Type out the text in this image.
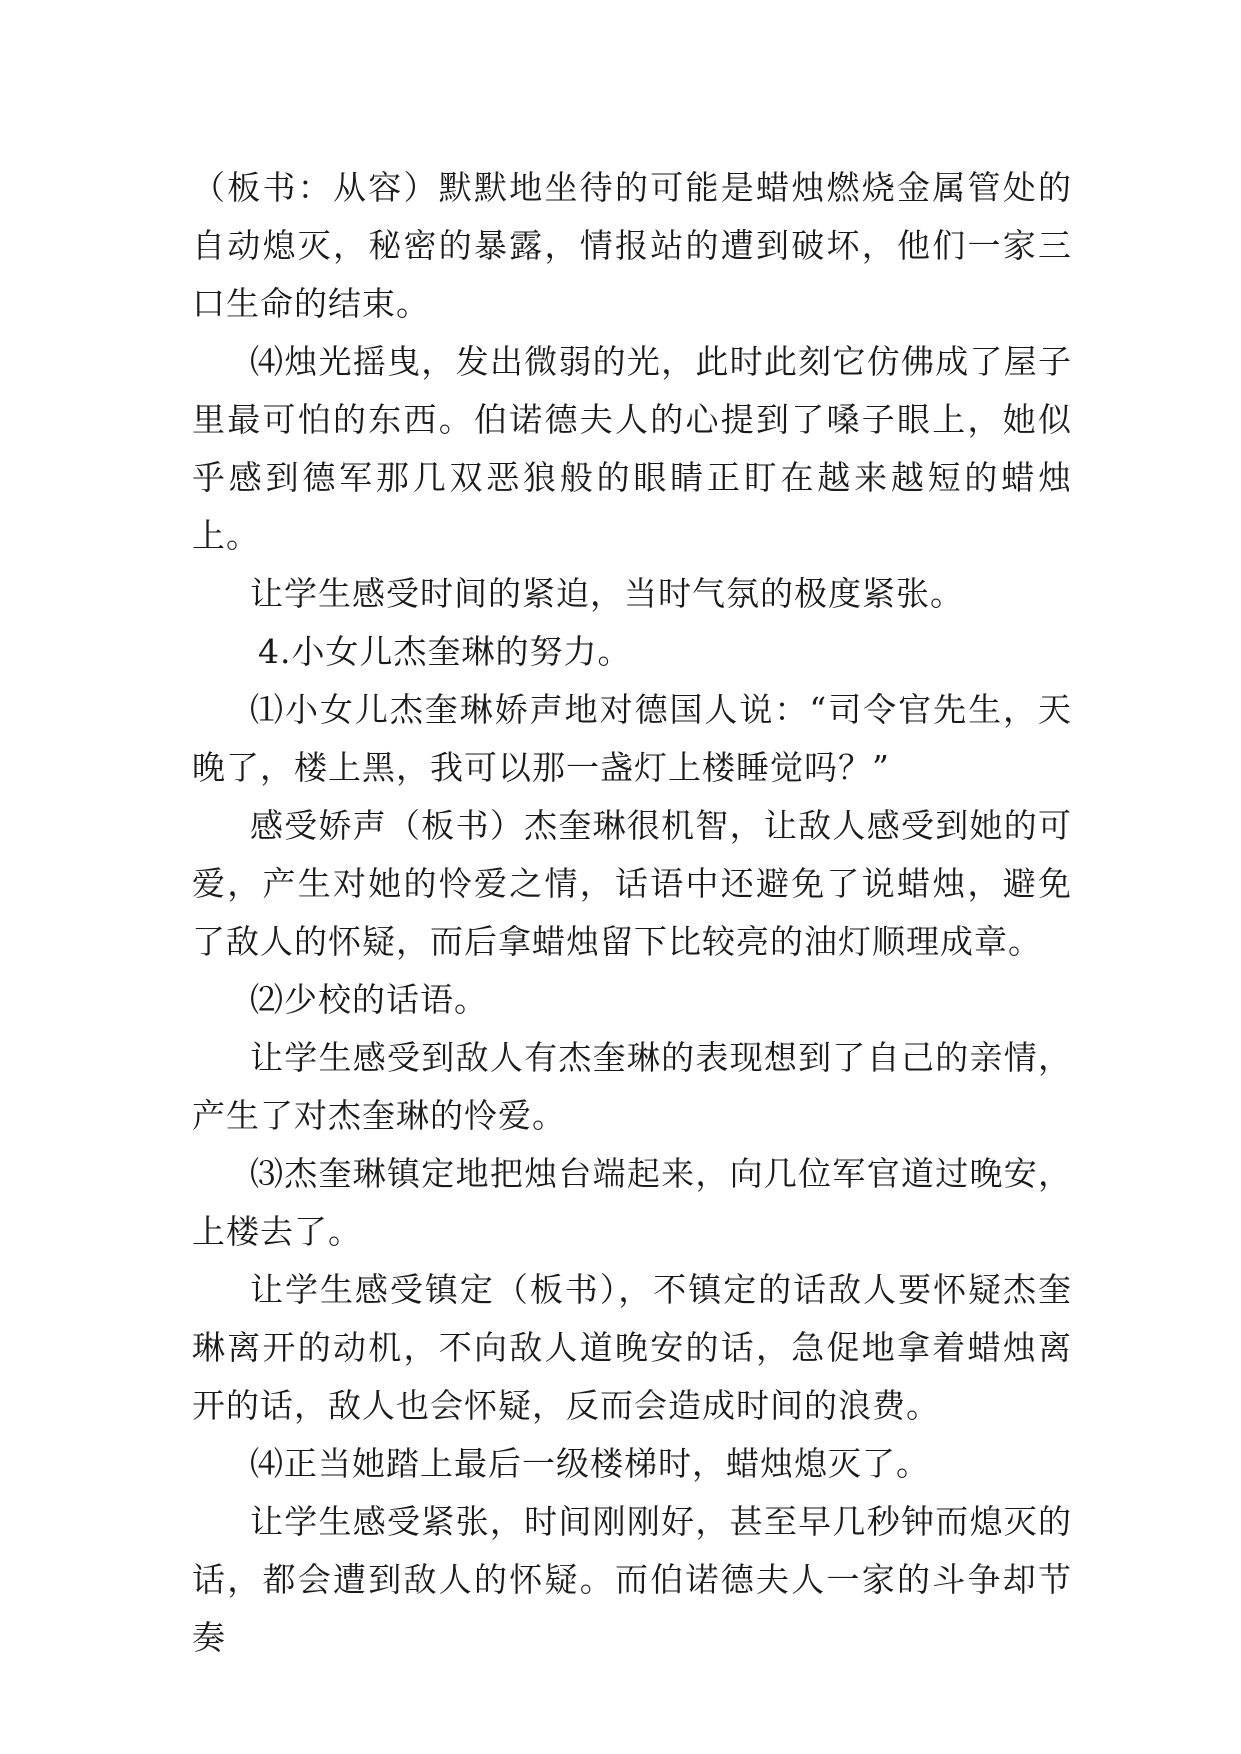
（板书：从容）默默地坐待的可能是蜡烛燃烧金属管处的自动熄灭，秘密的暴露，情报站的遭到破坏，他们一家三口生命的结束。

⑷烛光摇曳，发出微弱的光，此时此刻它仿佛成了屋子里最可怕的东西。伯诺德夫人的心提到了嗓子眼上，她似乎感到德军那几双恶狼般的眼睛正盯在越来越短的蜡烛上。

让学生感受时间的紧迫，当时气氛的极度紧张。

4.小女儿杰奎琳的努力。

⑴小女儿杰奎琳娇声地对德国人说：“司令官先生，天晚了，楼上黑，我可以那一盏灯上楼睡觉吗？”

感受娇声（板书）杰奎琳很机智，让敌人感受到她的可爱，产生对她的怜爱之情，话语中还避免了说蜡烛，避免了敌人的怀疑，而后拿蜡烛留下比较亮的油灯顺理成章。

⑵少校的话语。

让学生感受到敌人有杰奎琳的表现想到了自己的亲情，产生了对杰奎琳的怜爱。

⑶杰奎琳镇定地把烛台端起来，向几位军官道过晚安，上楼去了。

让学生感受镇定（板书），不镇定的话敌人要怀疑杰奎琳离开的动机，不向敌人道晚安的话，急促地拿着蜡烛离开的话，敌人也会怀疑，反而会造成时间的浪费。

⑷正当她踏上最后一级楼梯时，蜡烛熄灭了。

让学生感受紧张，时间刚刚好，甚至早几秒钟而熄灭的话，都会遭到敌人的怀疑。而伯诺德夫人一家的斗争却节奏
